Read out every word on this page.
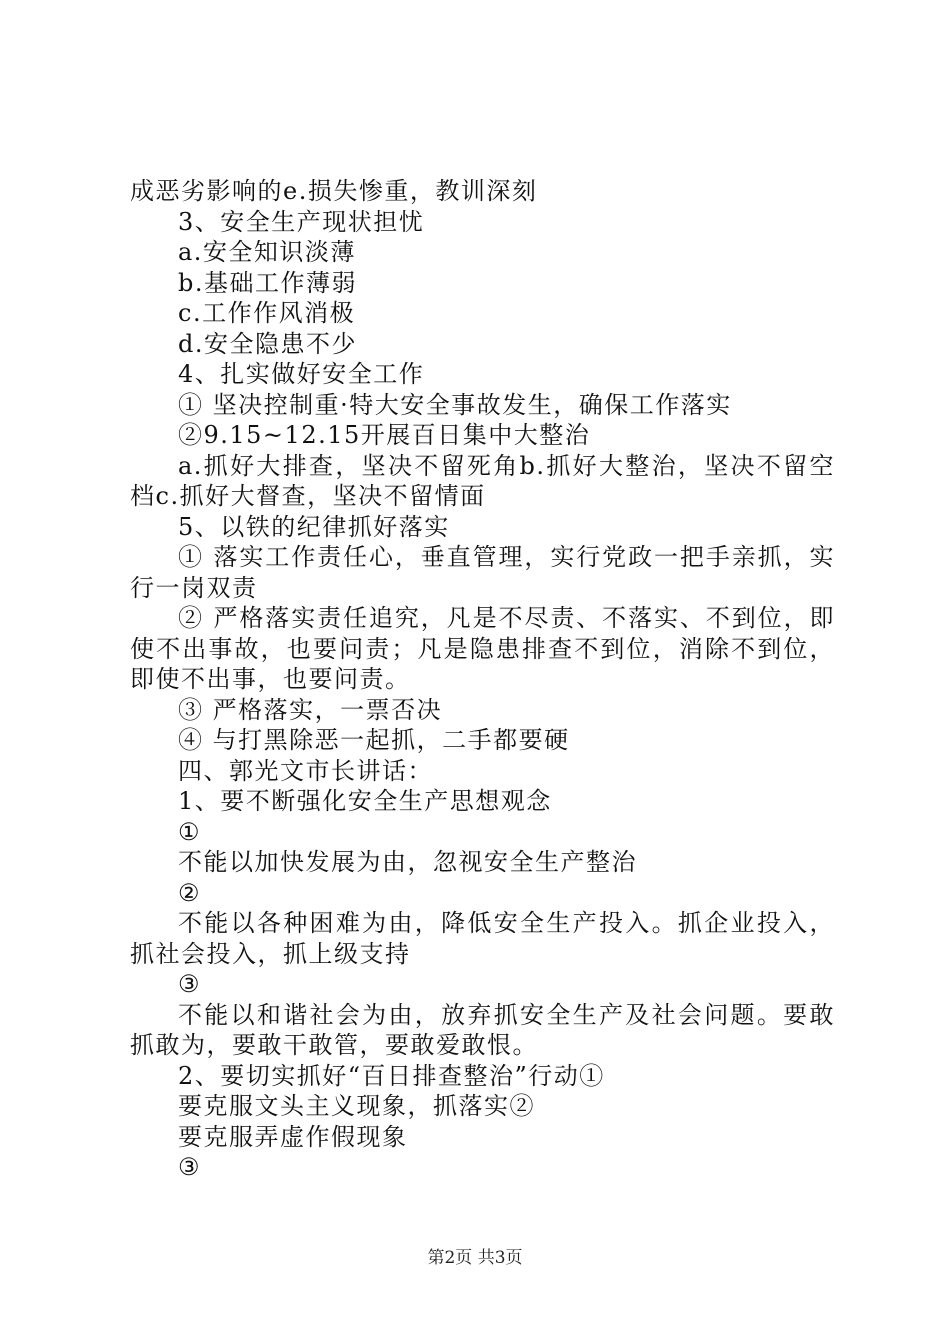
成恶劣影响的e.损失惨重，教训深刻
3、安全生产现状担忧
a.安全知识淡薄
b.基础工作薄弱
c.工作作风消极
d.安全隐患不少
4、扎实做好安全工作
① 坚决控制重·特大安全事故发生，确保工作落实
②9.15~12.15开展百日集中大整治
a.抓好大排查，坚决不留死角b.抓好大整治，坚决不留空档c.抓好大督查，坚决不留情面
5、以铁的纪律抓好落实
① 落实工作责任心，垂直管理，实行党政一把手亲抓，实行一岗双责
② 严格落实责任追究，凡是不尽责、不落实、不到位，即使不出事故，也要问责；凡是隐患排查不到位，消除不到位，即使不出事，也要问责。
③ 严格落实，一票否决
④ 与打黑除恶一起抓，二手都要硬
四、郭光文市长讲话：
1、要不断强化安全生产思想观念
①
不能以加快发展为由，忽视安全生产整治
②
不能以各种困难为由，降低安全生产投入。抓企业投入，抓社会投入，抓上级支持
③
不能以和谐社会为由，放弃抓安全生产及社会问题。要敢抓敢为，要敢干敢管，要敢爱敢恨。
2、要切实抓好“百日排查整治”行动①
要克服文头主义现象，抓落实②
要克服弄虚作假现象
③
第2页 共3页
